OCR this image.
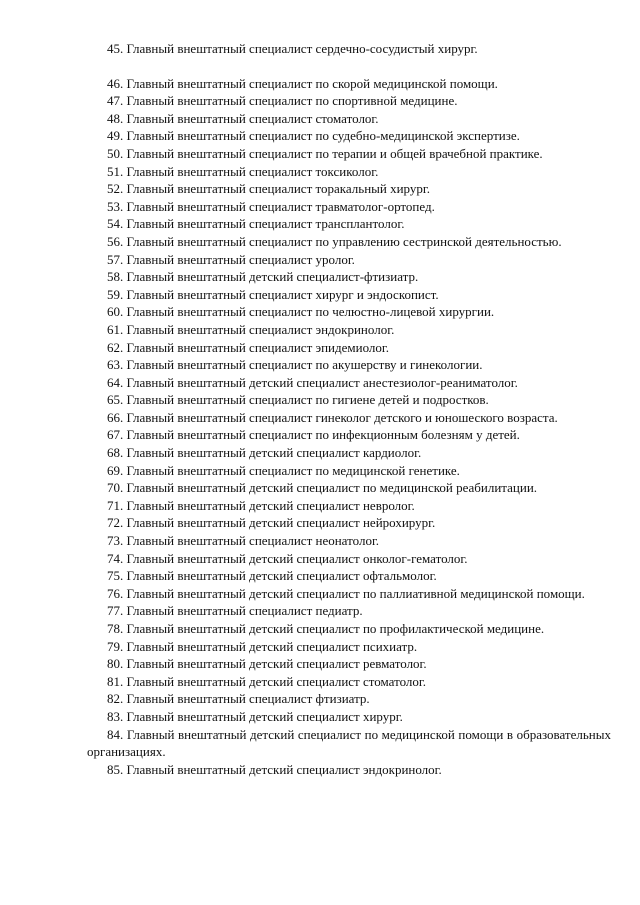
45. Главный внештатный специалист сердечно-сосудистый хирург.

46. Главный внештатный специалист по скорой медицинской помощи.

47. Главный внештатный специалист по спортивной медицине.

48. Главный внештатный специалист стоматолог.

49. Главный внештатный специалист по судебно-медицинской экспертизе.

50. Главный внештатный специалист по терапии и общей врачебной практике.

51. Главный внештатный специалист токсиколог.

52. Главный внештатный специалист торакальный хирург.

53. Главный внештатный специалист травматолог-ортопед.

54. Главный внештатный специалист трансплантолог.

56. Главный внештатный специалист по управлению сестринской деятельностью.

57. Главный внештатный специалист уролог.

58. Главный внештатный детский специалист-фтизиатр.

59. Главный внештатный специалист хирург и эндоскопист.

60. Главный внештатный специалист по челюстно-лицевой хирургии.

61. Главный внештатный специалист эндокринолог.

62. Главный внештатный специалист эпидемиолог.

63. Главный внештатный специалист по акушерству и гинекологии.

64. Главный внештатный детский специалист анестезиолог-реаниматолог.

65. Главный внештатный специалист по гигиене детей и подростков.

66. Главный внештатный специалист гинеколог детского и юношеского возраста.

67. Главный внештатный специалист по инфекционным болезням у детей.

68. Главный внештатный детский специалист кардиолог.

69. Главный внештатный специалист по медицинской генетике.

70. Главный внештатный детский специалист по медицинской реабилитации.

71. Главный внештатный детский специалист невролог.

72. Главный внештатный детский специалист нейрохирург.

73. Главный внештатный специалист неонатолог.

74. Главный внештатный детский специалист онколог-гематолог.

75. Главный внештатный детский специалист офтальмолог.

76. Главный внештатный детский специалист по паллиативной медицинской помощи.

77. Главный внештатный специалист педиатр.

78. Главный внештатный детский специалист по профилактической медицине.

79. Главный внештатный детский специалист психиатр.

80. Главный внештатный детский специалист ревматолог.

81. Главный внештатный детский специалист стоматолог.

82. Главный внештатный специалист фтизиатр.

83. Главный внештатный детский специалист хирург.

84. Главный внештатный детский специалист по медицинской помощи в образовательных организациях.

85. Главный внештатный детский специалист эндокринолог.
